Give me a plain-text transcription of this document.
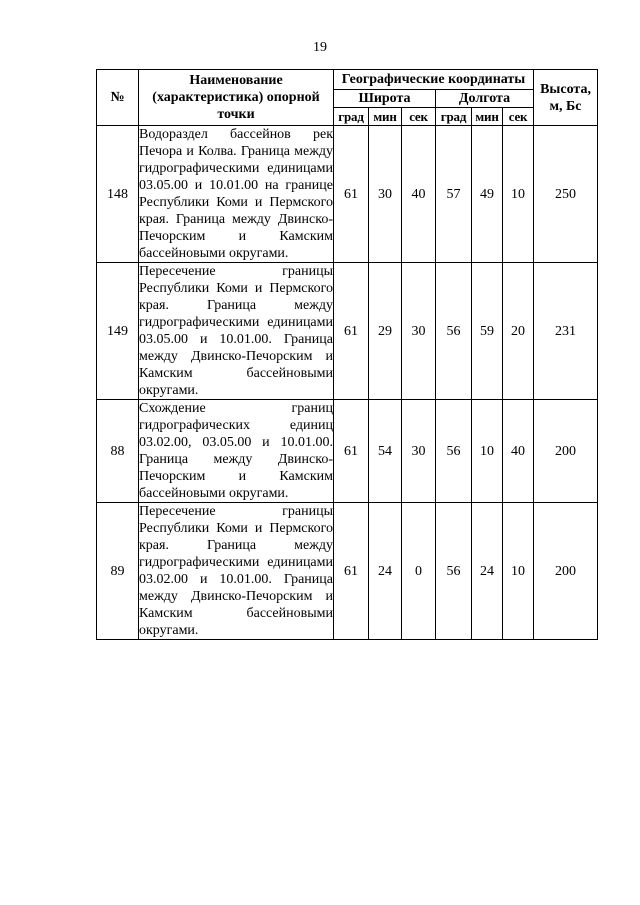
19
№	Наименование (характеристика) опорной точки	Географические координаты						Высота, м, Бс
		Широта			Долгота			
		град	мин	сек	град	мин	сек	
148	Водораздел бассейнов рек Печора и Колва. Граница между гидрографическими единицами 03.05.00 и 10.01.00 на границе Республики Коми и Пермского края. Граница между Двинско-Печорским и Камским бассейновыми округами.	61	30	40	57	49	10	250
149	Пересечение границы Республики Коми и Пермского края. Граница между гидрографическими единицами 03.05.00 и 10.01.00. Граница между Двинско-Печорским и Камским бассейновыми округами.	61	29	30	56	59	20	231
88	Схождение границ гидрографических единиц 03.02.00, 03.05.00 и 10.01.00. Граница между Двинско-Печорским и Камским бассейновыми округами.	61	54	30	56	10	40	200
89	Пересечение границы Республики Коми и Пермского края. Граница между гидрографическими единицами 03.02.00 и 10.01.00. Граница между Двинско-Печорским и Камским бассейновыми округами.	61	24	0	56	24	10	200
